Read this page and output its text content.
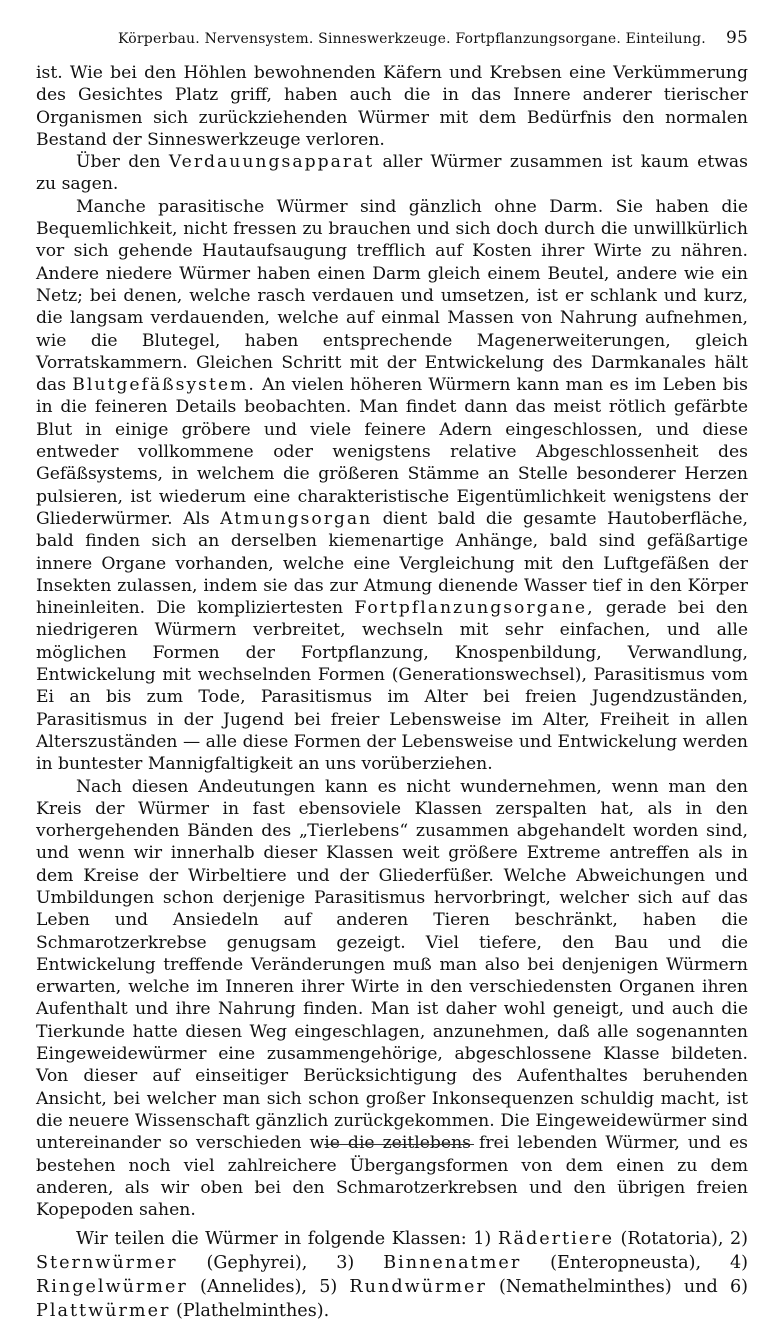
Körperbau. Nervensystem. Sinneswerkzeuge. Fortpflanzungsorgane. Einteilung. 95

ist. Wie bei den Höhlen bewohnenden Käfern und Krebsen eine Verkümmerung des Gesichtes Platz griff, haben auch die in das Innere anderer tierischer Organismen sich zurückziehenden Würmer mit dem Bedürfnis den normalen Bestand der Sinneswerkzeuge verloren.

Über den Verdauungsapparat aller Würmer zusammen ist kaum etwas zu sagen.

Manche parasitische Würmer sind gänzlich ohne Darm. Sie haben die Bequemlichkeit, nicht fressen zu brauchen und sich doch durch die unwillkürlich vor sich gehende Hautaufsaugung trefflich auf Kosten ihrer Wirte zu nähren. Andere niedere Würmer haben einen Darm gleich einem Beutel, andere wie ein Netz; bei denen, welche rasch verdauen und umsetzen, ist er schlank und kurz, die langsam verdauenden, welche auf einmal Massen von Nahrung aufnehmen, wie die Blutegel, haben entsprechende Magenerweiterungen, gleich Vorratskammern. Gleichen Schritt mit der Entwickelung des Darmkanales hält das Blutgefäßsystem. An vielen höheren Würmern kann man es im Leben bis in die feineren Details beobachten. Man findet dann das meist rötlich gefärbte Blut in einige gröbere und viele feinere Adern eingeschlossen, und diese entweder vollkommene oder wenigstens relative Abgeschlossenheit des Gefäßsystems, in welchem die größeren Stämme an Stelle besonderer Herzen pulsieren, ist wiederum eine charakteristische Eigentümlichkeit wenigstens der Gliederwürmer. Als Atmungsorgan dient bald die gesamte Hautoberfläche, bald finden sich an derselben kiemenartige Anhänge, bald sind gefäßartige innere Organe vorhanden, welche eine Vergleichung mit den Luftgefäßen der Insekten zulassen, indem sie das zur Atmung dienende Wasser tief in den Körper hineinleiten. Die kompliziertesten Fortpflanzungsorgane, gerade bei den niedrigeren Würmern verbreitet, wechseln mit sehr einfachen, und alle möglichen Formen der Fortpflanzung, Knospenbildung, Verwandlung, Entwickelung mit wechselnden Formen (Generationswechsel), Parasitismus vom Ei an bis zum Tode, Parasitismus im Alter bei freien Jugendzuständen, Parasitismus in der Jugend bei freier Lebensweise im Alter, Freiheit in allen Alterszuständen — alle diese Formen der Lebensweise und Entwickelung werden in buntester Mannigfaltigkeit an uns vorüberziehen.

Nach diesen Andeutungen kann es nicht wundernehmen, wenn man den Kreis der Würmer in fast ebensoviele Klassen zerspalten hat, als in den vorhergehenden Bänden des „Tierlebens“ zusammen abgehandelt worden sind, und wenn wir innerhalb dieser Klassen weit größere Extreme antreffen als in dem Kreise der Wirbeltiere und der Gliederfüßer. Welche Abweichungen und Umbildungen schon derjenige Parasitismus hervorbringt, welcher sich auf das Leben und Ansiedeln auf anderen Tieren beschränkt, haben die Schmarotzerkrebse genugsam gezeigt. Viel tiefere, den Bau und die Entwickelung treffende Veränderungen muß man also bei denjenigen Würmern erwarten, welche im Inneren ihrer Wirte in den verschiedensten Organen ihren Aufenthalt und ihre Nahrung finden. Man ist daher wohl geneigt, und auch die Tierkunde hatte diesen Weg eingeschlagen, anzunehmen, daß alle sogenannten Eingeweidewürmer eine zusammengehörige, abgeschlossene Klasse bildeten. Von dieser auf einseitiger Berücksichtigung des Aufenthaltes beruhenden Ansicht, bei welcher man sich schon großer Inkonsequenzen schuldig macht, ist die neuere Wissenschaft gänzlich zurückgekommen. Die Eingeweidewürmer sind untereinander so verschieden wie die zeitlebens frei lebenden Würmer, und es bestehen noch viel zahlreichere Übergangsformen von dem einen zu dem anderen, als wir oben bei den Schmarotzerkrebsen und den übrigen freien Kopepoden sahen.

Wir teilen die Würmer in folgende Klassen: 1) Rädertiere (Rotatoria), 2) Sternwürmer (Gephyrei), 3) Binnenatmer (Enteropneusta), 4) Ringelwürmer (Annelides), 5) Rundwürmer (Nemathelminthes) und 6) Plattwürmer (Plathelminthes).
